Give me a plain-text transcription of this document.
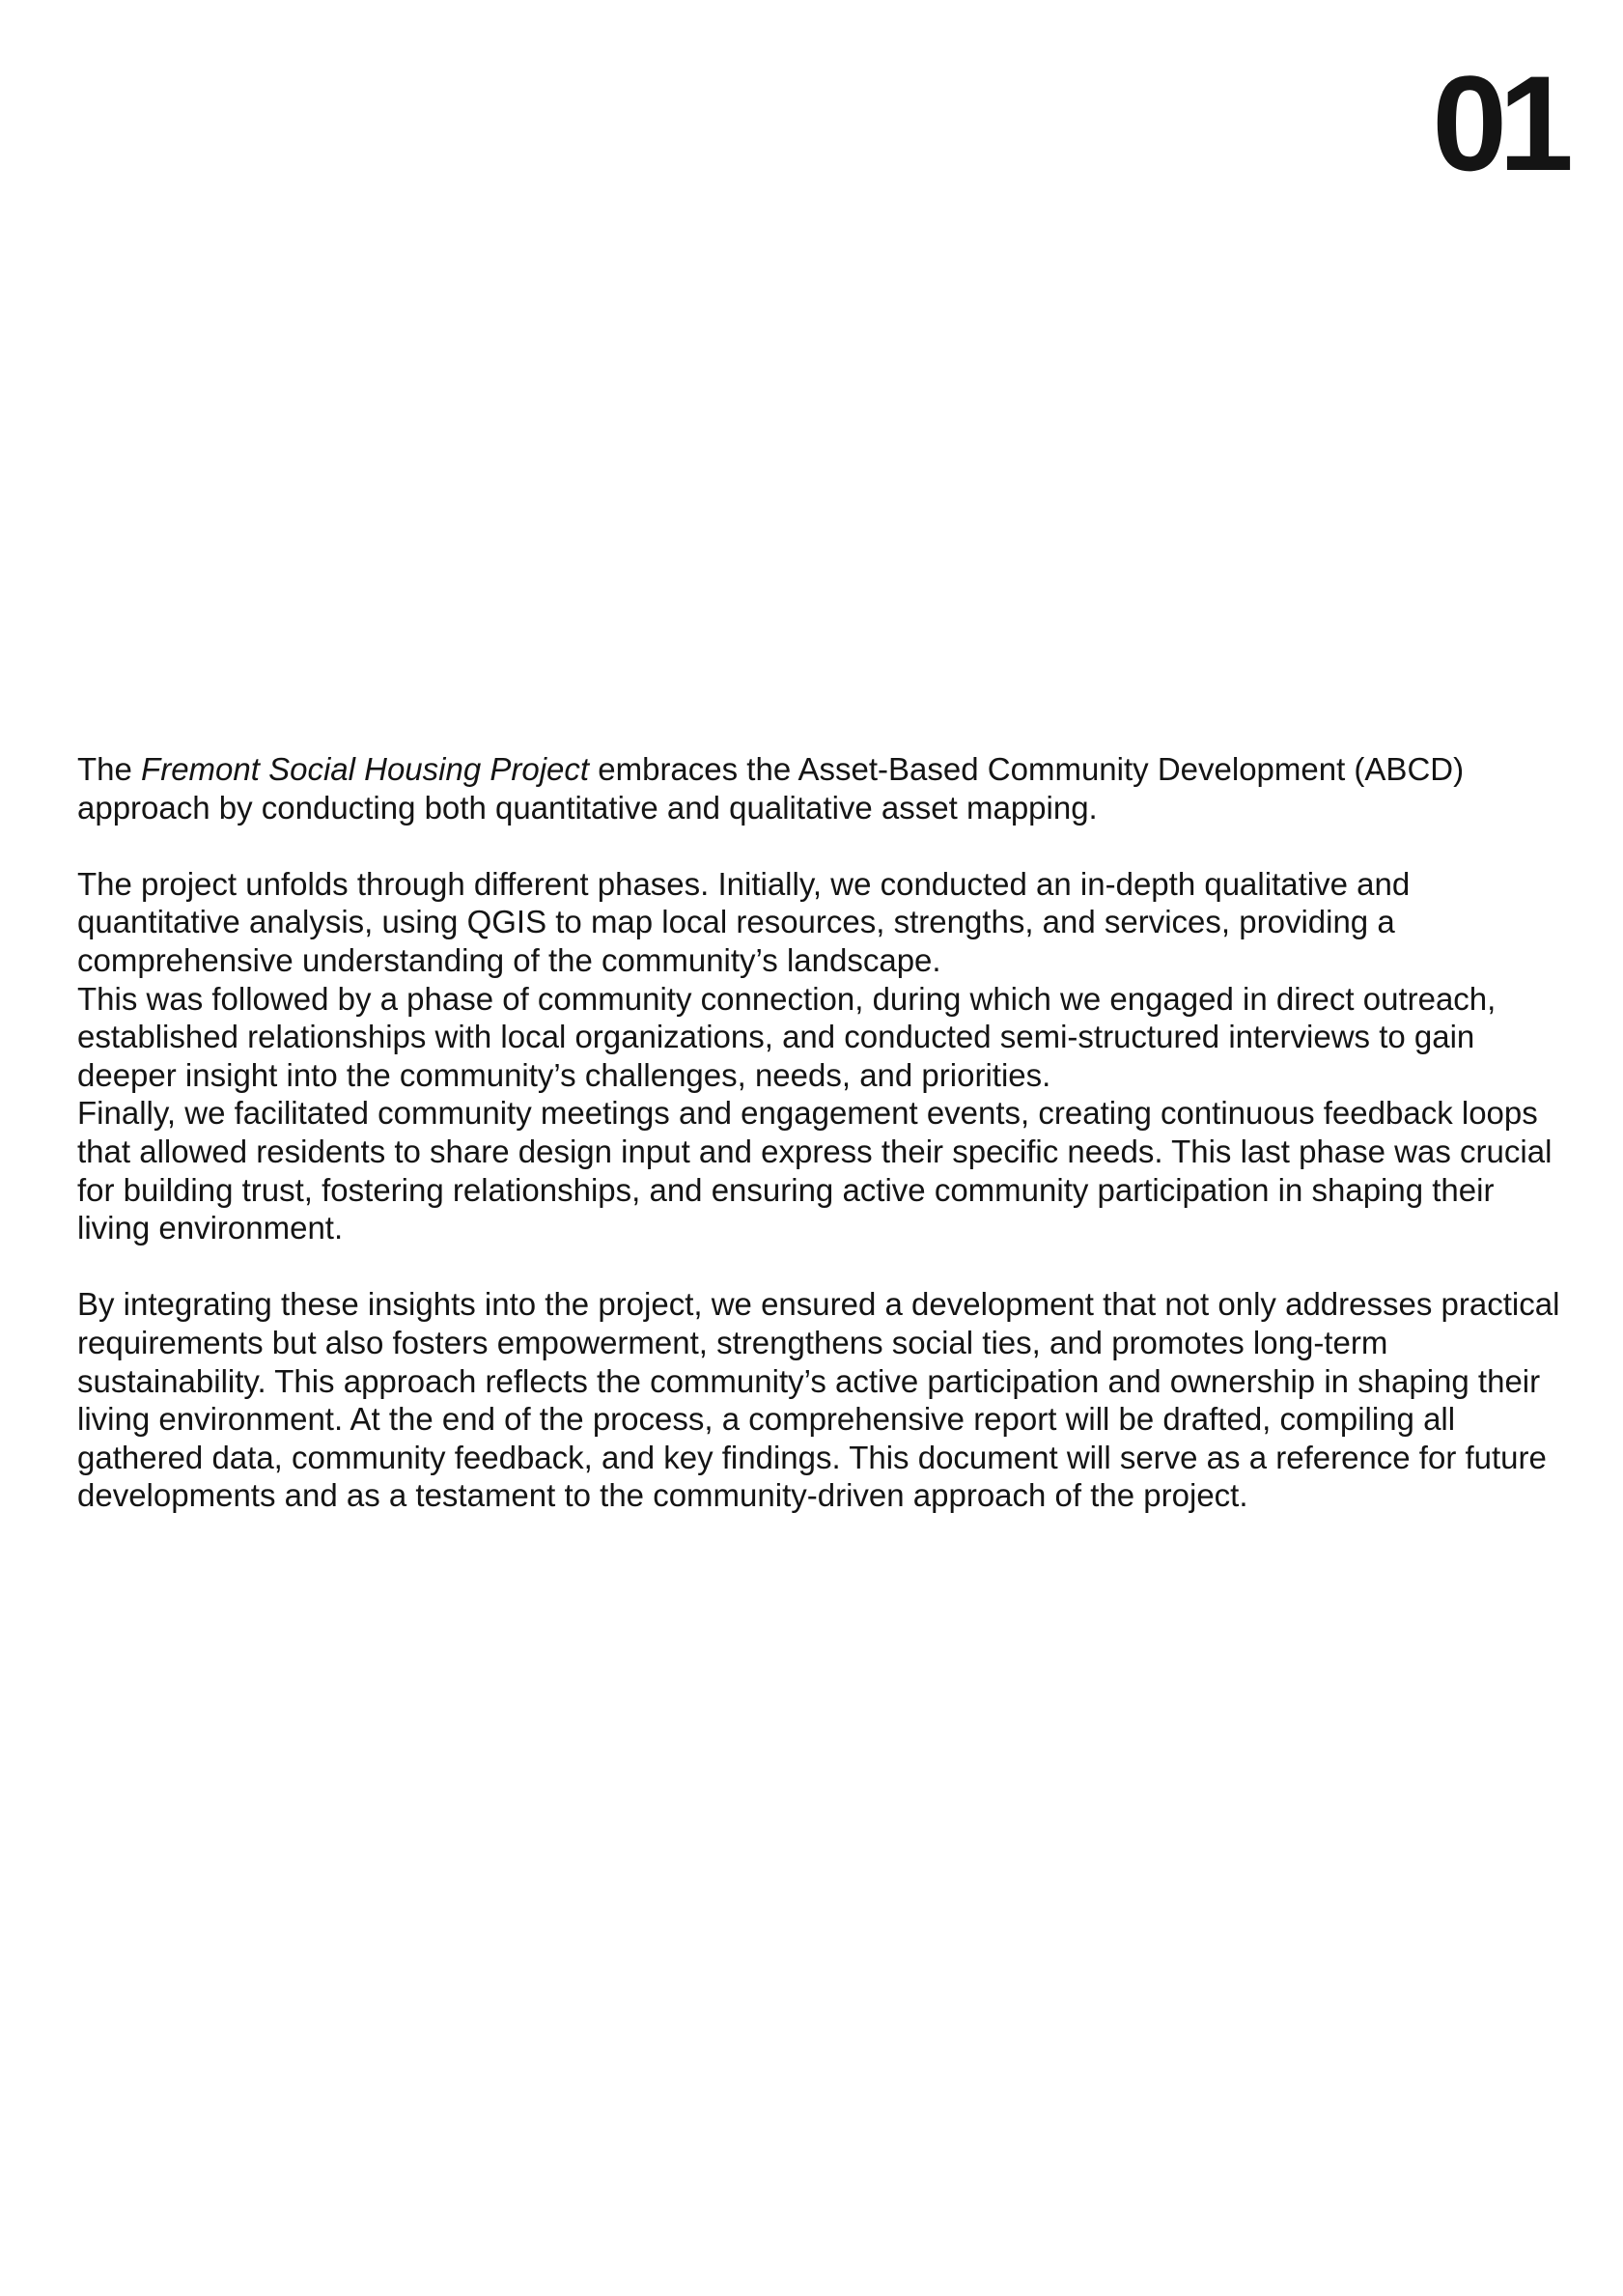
01

The Fremont Social Housing Project embraces the Asset-Based Community Development (ABCD) approach by conducting both quantitative and qualitative asset mapping.

The project unfolds through different phases. Initially, we conducted an in-depth qualitative and quantitative analysis, using QGIS to map local resources, strengths, and services, providing a comprehensive understanding of the community’s landscape.

This was followed by a phase of community connection, during which we engaged in direct outreach, established relationships with local organizations, and conducted semi-structured interviews to gain deeper insight into the community’s challenges, needs, and priorities.

Finally, we facilitated community meetings and engagement events, creating continuous feedback loops that allowed residents to share design input and express their specific needs. This last phase was crucial for building trust, fostering relationships, and ensuring active community participation in shaping their living environment.

By integrating these insights into the project, we ensured a development that not only addresses practical requirements but also fosters empowerment, strengthens social ties, and promotes long-term sustainability. This approach reflects the community’s active participation and ownership in shaping their living environment. At the end of the process, a comprehensive report will be drafted, compiling all gathered data, community feedback, and key findings. This document will serve as a reference for future developments and as a testament to the community-driven approach of the project.
